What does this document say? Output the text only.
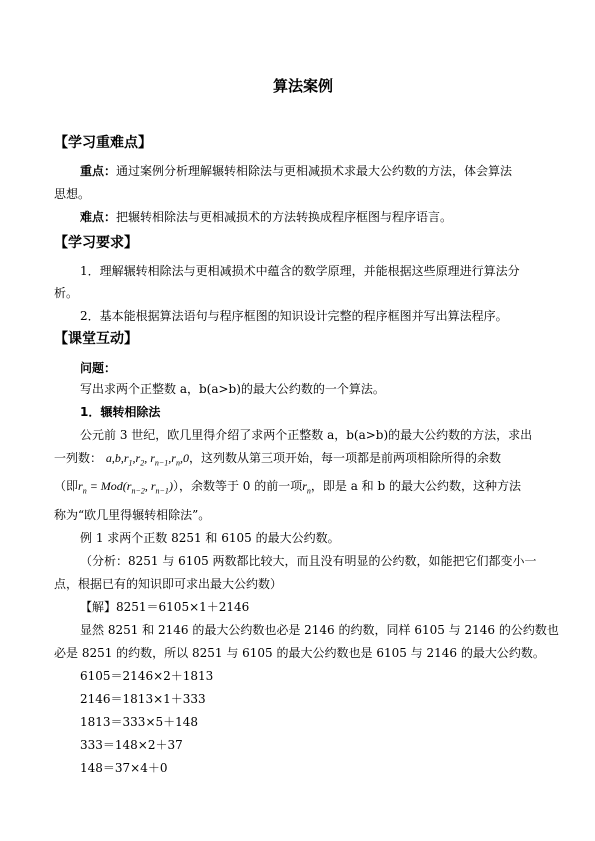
算法案例
【学习重难点】
重点：通过案例分析理解辗转相除法与更相减损术求最大公约数的方法，体会算法
思想。
难点：把辗转相除法与更相减损术的方法转换成程序框图与程序语言。
【学习要求】
1．理解辗转相除法与更相减损术中蕴含的数学原理，并能根据这些原理进行算法分
析。
2．基本能根据算法语句与程序框图的知识设计完整的程序框图并写出算法程序。
【课堂互动】
问题：
写出求两个正整数 a，b(a>b)的最大公约数的一个算法。
1．辗转相除法
公元前 3 世纪，欧几里得介绍了求两个正整数 a，b(a>b)的最大公约数的方法，求出
一列数： $a,b,r_1,r_2$, $r_{n-1},r_n,0$，这列数从第三项开始，每一项都是前两项相除所得的余数
（即$r_n = Mod(r_{n-2}$, $r_{n-1}$)），余数等于 0 的前一项$r_n$，即是 a 和 b 的最大公约数，这种方法
称为“欧几里得辗转相除法”。
例 1 求两个正数 8251 和 6105 的最大公约数。
（分析：8251 与 6105 两数都比较大，而且没有明显的公约数，如能把它们都变小一
点，根据已有的知识即可求出最大公约数）
【解】8251＝6105×1＋2146
显然 8251 和 2146 的最大公约数也必是 2146 的约数，同样 6105 与 2146 的公约数也
必是 8251 的约数，所以 8251 与 6105 的最大公约数也是 6105 与 2146 的最大公约数。
6105＝2146×2＋1813
2146＝1813×1＋333
1813＝333×5＋148
333＝148×2＋37
148＝37×4＋0
